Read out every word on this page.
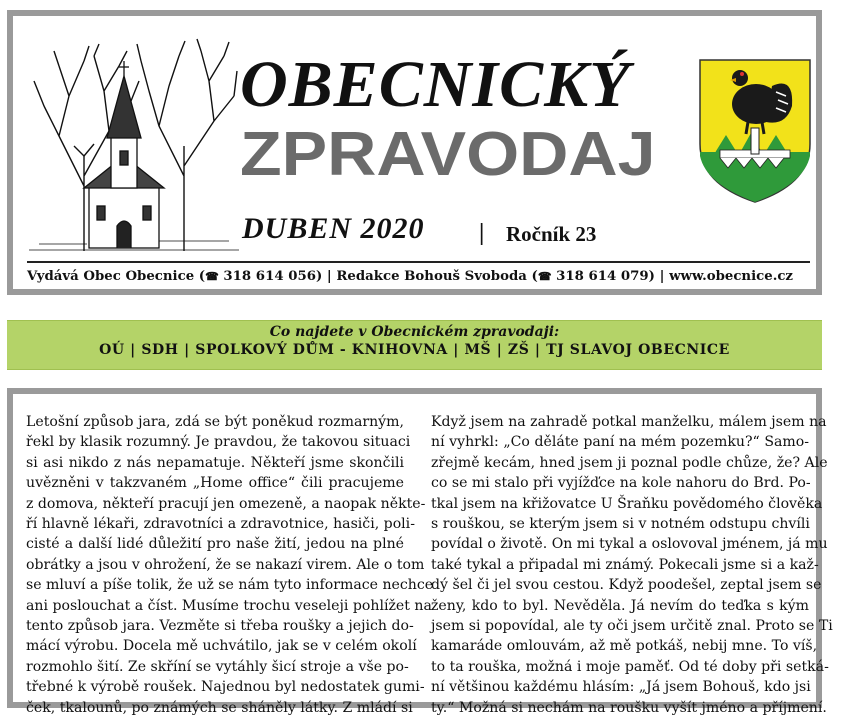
OBECNICKÝ
ZPRAVODAJ
DUBEN 2020 | Ročník 23
Vydává Obec Obecnice (☎ 318 614 056) | Redakce Bohouš Svoboda (☎ 318 614 079) | www.obecnice.cz
Co najdete v Obecnickém zpravodaji:
OÚ | SDH | SPOLKOVÝ DŮM - KNIHOVNA | MŠ | ZŠ | TJ SLAVOJ OBECNICE
Letošní způsob jara, zdá se být poněkud rozmarným,
řekl by klasik rozumný. Je pravdou, že takovou situaci
si asi nikdo z nás nepamatuje. Někteří jsme skončili
uvězněni v takzvaném „Home office“ čili pracujeme
z domova, někteří pracují jen omezeně, a naopak někte-
ří hlavně lékaři, zdravotníci a zdravotnice, hasiči, poli-
cisté a další lidé důležití pro naše žití, jedou na plné
obrátky a jsou v ohrožení, že se nakazí virem. Ale o tom
se mluví a píše tolik, že už se nám tyto informace nechce
ani poslouchat a číst. Musíme trochu veseleji pohlížet na
tento způsob jara. Vezměte si třeba roušky a jejich do-
mácí výrobu. Docela mě uchvátilo, jak se v celém okolí
rozmohlo šití. Ze skříní se vytáhly šicí stroje a vše po-
třebné k výrobě roušek. Najednou byl nedostatek gumi-
ček, tkalounů, po známých se sháněly látky. Z mládí si
Když jsem na zahradě potkal manželku, málem jsem na
ní vyhrkl: „Co děláte paní na mém pozemku?“ Samo-
zřejmě kecám, hned jsem ji poznal podle chůze, že? Ale
co se mi stalo při vyjížďce na kole nahoru do Brd. Po-
tkal jsem na křižovatce U Šraňku povědomého člověka
s rouškou, se kterým jsem si v notném odstupu chvíli
povídal o životě. On mi tykal a oslovoval jménem, já mu
také tykal a připadal mi známý. Pokecali jsme si a kaž-
dý šel či jel svou cestou. Když poodešel, zeptal jsem se
ženy, kdo to byl. Nevěděla. Já nevím do teďka s kým
jsem si popovídal, ale ty oči jsem určitě znal. Proto se Ti
kamaráde omlouvám, až mě potkáš, nebij mne. To víš,
to ta rouška, možná i moje paměť. Od té doby při setká-
ní většinou každému hlásím: „Já jsem Bohouš, kdo jsi
ty.“ Možná si nechám na roušku vyšít jméno a příjmení.
